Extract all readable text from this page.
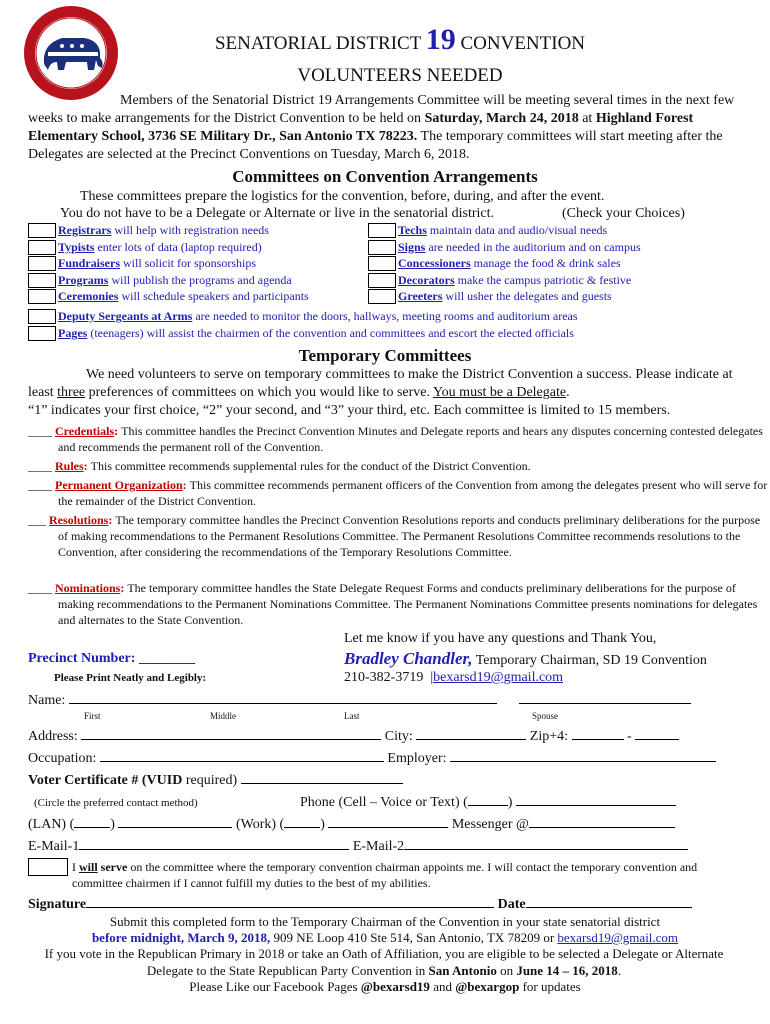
SENATORIAL DISTRICT 19 CONVENTION
VOLUNTEERS NEEDED

Members of the Senatorial District 19 Arrangements Committee will be meeting several times in the next few weeks to make arrangements for the District Convention to be held on Saturday, March 24, 2018 at Highland Forest Elementary School, 3736 SE Military Dr., San Antonio TX 78223. The temporary committees will start meeting after the Delegates are selected at the Precinct Conventions on Tuesday, March 6, 2018.

Committees on Convention Arrangements
These committees prepare the logistics for the convention, before, during, and after the event.
You do not have to be a Delegate or Alternate or live in the senatorial district.	(Check your Choices)
Registrars will help with registration needs
Typists enter lots of data (laptop required)
Fundraisers will solicit for sponsorships
Programs will publish the programs and agenda
Ceremonies will schedule speakers and participants
Techs maintain data and audio/visual needs
Signs are needed in the auditorium and on campus
Concessioners manage the food & drink sales
Decorators make the campus patriotic & festive
Greeters will usher the delegates and guests
Deputy Sergeants at Arms are needed to monitor the doors, hallways, meeting rooms and auditorium areas
Pages (teenagers) will assist the chairmen of the convention and committees and escort the elected officials
Temporary Committees

We need volunteers to serve on temporary committees to make the District Convention a success. Please indicate at least three preferences of committees on which you would like to serve. You must be a Delegate.

“1” indicates your first choice, “2” your second, and “3” your third, etc. Each committee is limited to 15 members.
____ Credentials: This committee handles the Precinct Convention Minutes and Delegate reports and hears any disputes concerning contested delegates and recommends the permanent roll of the Convention.
____ Rules: This committee recommends supplemental rules for the conduct of the District Convention.
____ Permanent Organization: This committee recommends permanent officers of the Convention from among the delegates present who will serve for the remainder of the District Convention.
___ Resolutions: The temporary committee handles the Precinct Convention Resolutions reports and conducts preliminary deliberations for the purpose of making recommendations to the Permanent Resolutions Committee. The Permanent Resolutions Committee recommends resolutions to the Convention, after considering the recommendations of the Temporary Resolutions Committee.
____ Nominations: The temporary committee handles the State Delegate Request Forms and conducts preliminary deliberations for the purpose of making recommendations to the Permanent Nominations Committee. The Permanent Nominations Committee presents nominations for delegates and alternates to the State Convention.
Let me know if you have any questions and Thank You,
Bradley Chandler, Temporary Chairman, SD 19 Convention
210-382-3719  |bexarsd19@gmail.com
Precinct Number: ________
Please Print Neatly and Legibly:
Name:
First	Middle	Last	Spouse
Address:	City:	Zip+4:	-
Occupation:	Employer:
Voter Certificate # (VUID required)
(Circle the preferred contact method)	Phone (Cell – Voice or Text) (	)
(LAN) (	)	(Work) (	)	Messenger @
E-Mail-1	E-Mail-2
I will serve on the committee where the temporary convention chairman appoints me. I will contact the temporary convention and committee chairmen if I cannot fulfill my duties to the best of my abilities.
Signature	Date
Submit this completed form to the Temporary Chairman of the Convention in your state senatorial district
before midnight, March 9, 2018, 909 NE Loop 410 Ste 514, San Antonio, TX 78209 or bexarsd19@gmail.com
If you vote in the Republican Primary in 2018 or take an Oath of Affiliation, you are eligible to be selected a Delegate or Alternate Delegate to the State Republican Party Convention in San Antonio on June 14 – 16, 2018.
Please Like our Facebook Pages @bexarsd19 and @bexargop for updates
